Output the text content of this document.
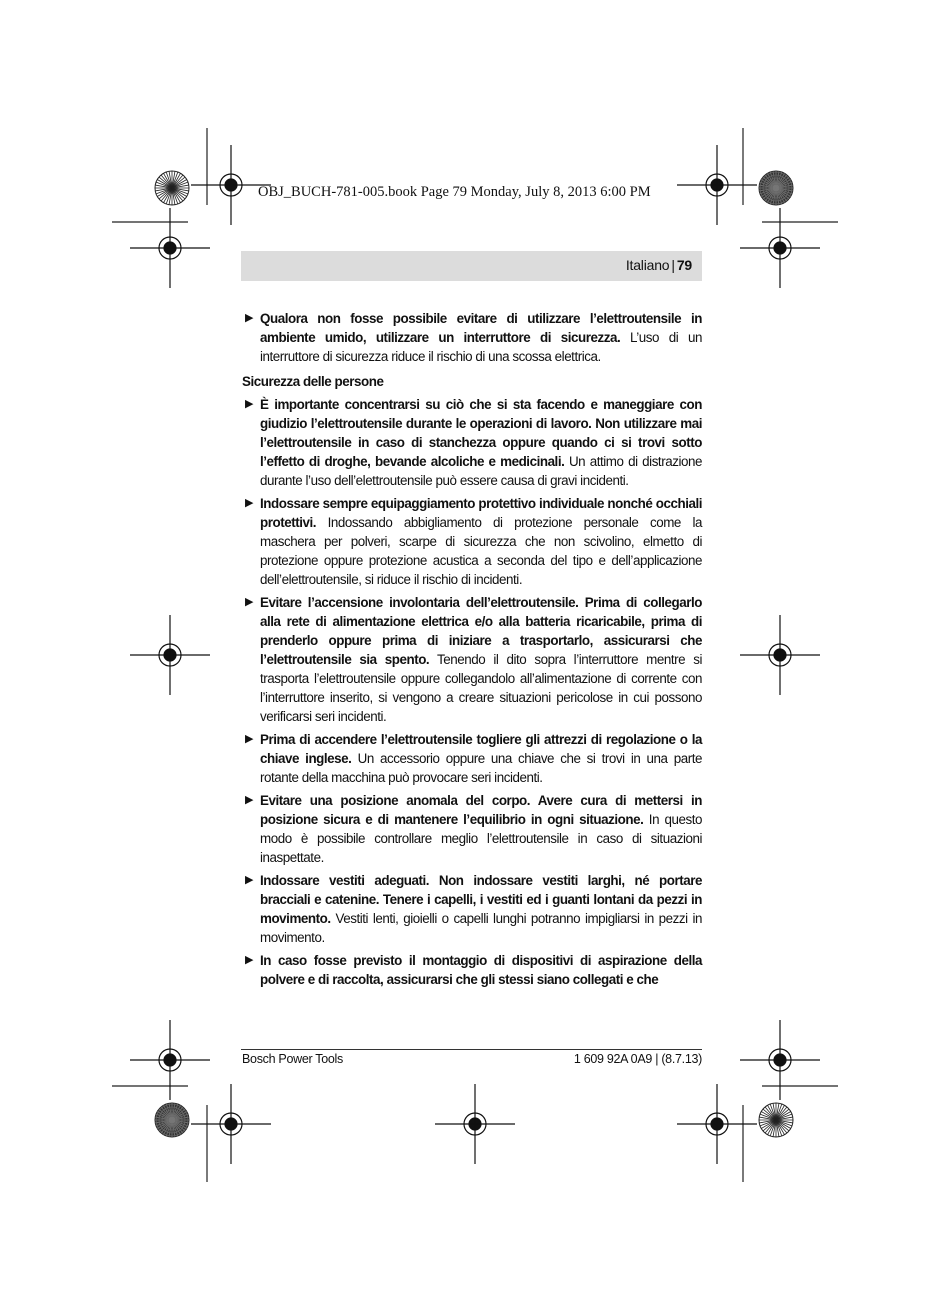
OBJ_BUCH-781-005.book Page 79 Monday, July 8, 2013 6:00 PM
Italiano | 79
▶ Qualora non fosse possibile evitare di utilizzare l’elettroutensile in ambiente umido, utilizzare un interruttore di sicurezza. L’uso di un interruttore di sicurezza riduce il rischio di una scossa elettrica.
Sicurezza delle persone
▶ È importante concentrarsi su ciò che si sta facendo e maneggiare con giudizio l’elettroutensile durante le operazioni di lavoro. Non utilizzare mai l’elettroutensile in caso di stanchezza oppure quando ci si trovi sotto l’effetto di droghe, bevande alcoliche e medicinali. Un attimo di distrazione durante l’uso dell’elettroutensile può essere causa di gravi incidenti.
▶ Indossare sempre equipaggiamento protettivo individuale nonché occhiali protettivi. Indossando abbigliamento di protezione personale come la maschera per polveri, scarpe di sicurezza che non scivolino, elmetto di protezione oppure protezione acustica a seconda del tipo e dell’applicazione dell’elettroutensile, si riduce il rischio di incidenti.
▶ Evitare l’accensione involontaria dell’elettroutensile. Prima di collegarlo alla rete di alimentazione elettrica e/o alla batteria ricaricabile, prima di prenderlo oppure prima di iniziare a trasportarlo, assicurarsi che l’elettroutensile sia spento. Tenendo il dito sopra l’interruttore mentre si trasporta l’elettroutensile oppure collegandolo all’alimentazione di corrente con l’interruttore inserito, si vengono a creare situazioni pericolose in cui possono verificarsi seri incidenti.
▶ Prima di accendere l’elettroutensile togliere gli attrezzi di regolazione o la chiave inglese. Un accessorio oppure una chiave che si trovi in una parte rotante della macchina può provocare seri incidenti.
▶ Evitare una posizione anomala del corpo. Avere cura di mettersi in posizione sicura e di mantenere l’equilibrio in ogni situazione. In questo modo è possibile controllare meglio l’elettroutensile in caso di situazioni inaspettate.
▶ Indossare vestiti adeguati. Non indossare vestiti larghi, né portare bracciali e catenine. Tenere i capelli, i vestiti ed i guanti lontani da pezzi in movimento. Vestiti lenti, gioielli o capelli lunghi potranno impigliarsi in pezzi in movimento.
▶ In caso fosse previsto il montaggio di dispositivi di aspirazione della polvere e di raccolta, assicurarsi che gli stessi siano collegati e che
Bosch Power Tools	1 609 92A 0A9 | (8.7.13)
